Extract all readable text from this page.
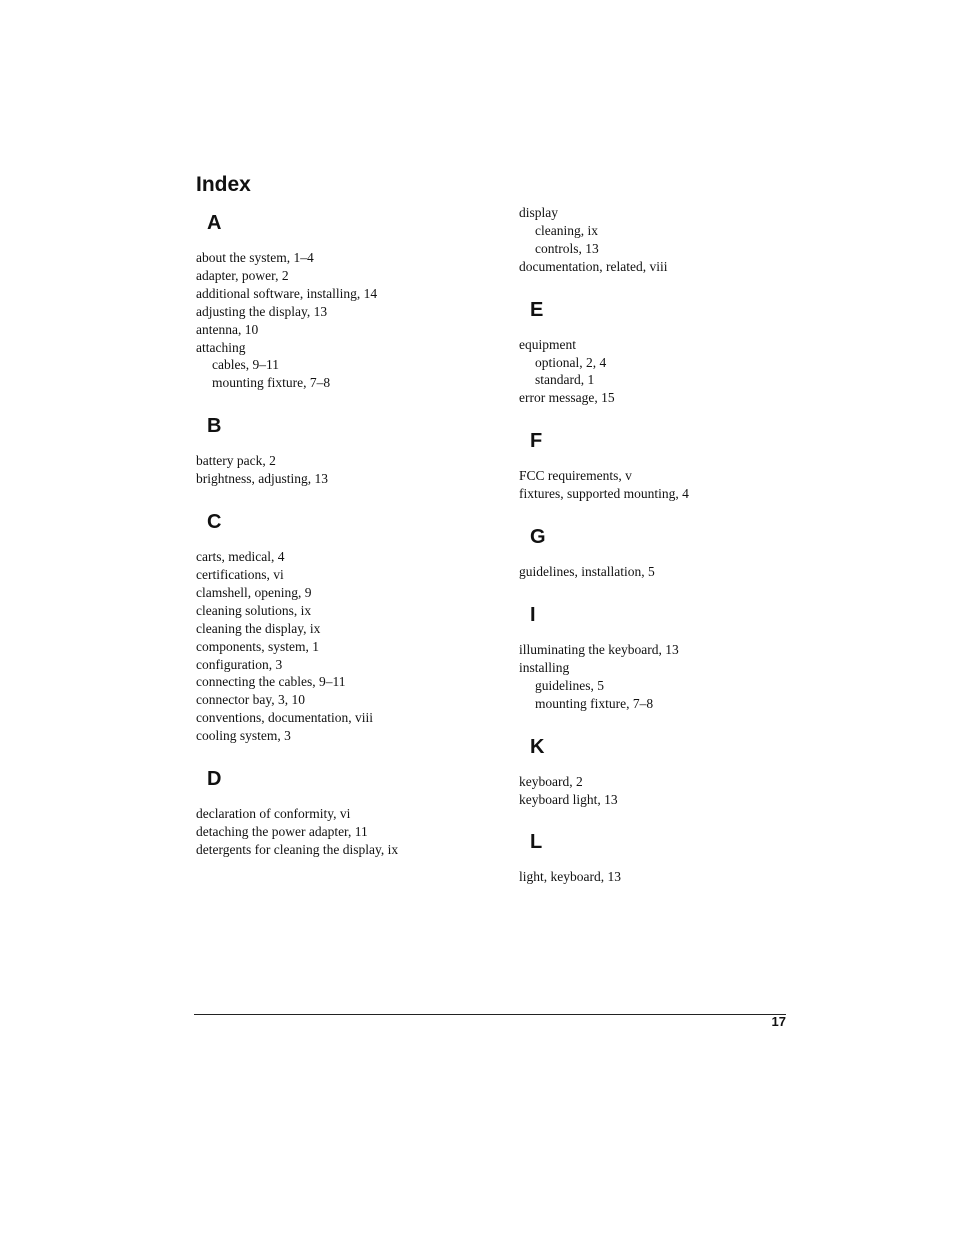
Index
A
about the system, 1–4
adapter, power, 2
additional software, installing, 14
adjusting the display, 13
antenna, 10
attaching
cables, 9–11
mounting fixture, 7–8
B
battery pack, 2
brightness, adjusting, 13
C
carts, medical, 4
certifications, vi
clamshell, opening, 9
cleaning solutions, ix
cleaning the display, ix
components, system, 1
configuration, 3
connecting the cables, 9–11
connector bay, 3, 10
conventions, documentation, viii
cooling system, 3
D
declaration of conformity, vi
detaching the power adapter, 11
detergents for cleaning the display, ix
display
cleaning, ix
controls, 13
documentation, related, viii
E
equipment
optional, 2, 4
standard, 1
error message, 15
F
FCC requirements, v
fixtures, supported mounting, 4
G
guidelines, installation, 5
I
illuminating the keyboard, 13
installing
guidelines, 5
mounting fixture, 7–8
K
keyboard, 2
keyboard light, 13
L
light, keyboard, 13
17
